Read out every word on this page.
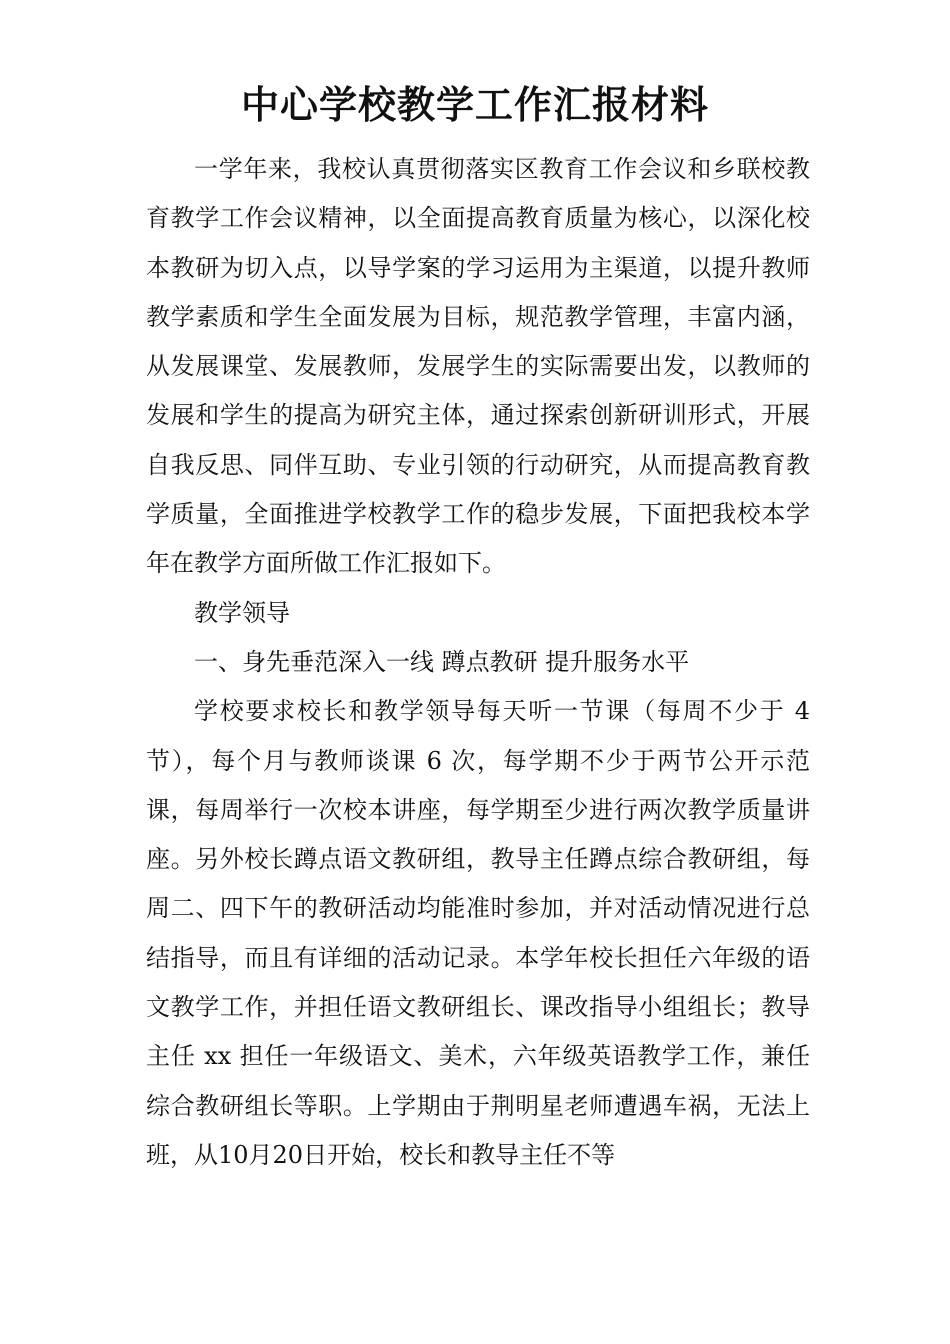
中心学校教学工作汇报材料

一学年来，我校认真贯彻落实区教育工作会议和乡联校教育教学工作会议精神，以全面提高教育质量为核心，以深化校本教研为切入点，以导学案的学习运用为主渠道，以提升教师教学素质和学生全面发展为目标，规范教学管理，丰富内涵，从发展课堂、发展教师，发展学生的实际需要出发，以教师的发展和学生的提高为研究主体，通过探索创新研训形式，开展自我反思、同伴互助、专业引领的行动研究，从而提高教育教学质量，全面推进学校教学工作的稳步发展，下面把我校本学年在教学方面所做工作汇报如下。

教学领导

一、身先垂范深入一线 蹲点教研 提升服务水平

学校要求校长和教学领导每天听一节课（每周不少于 4 节），每个月与教师谈课 6 次，每学期不少于两节公开示范课，每周举行一次校本讲座，每学期至少进行两次教学质量讲座。另外校长蹲点语文教研组，教导主任蹲点综合教研组，每周二、四下午的教研活动均能准时参加，并对活动情况进行总结指导，而且有详细的活动记录。本学年校长担任六年级的语文教学工作，并担任语文教研组长、课改指导小组组长；教导主任 xx 担任一年级语文、美术，六年级英语教学工作，兼任综合教研组长等职。上学期由于荆明星老师遭遇车祸，无法上班，从10月20日开始，校长和教导主任不等
